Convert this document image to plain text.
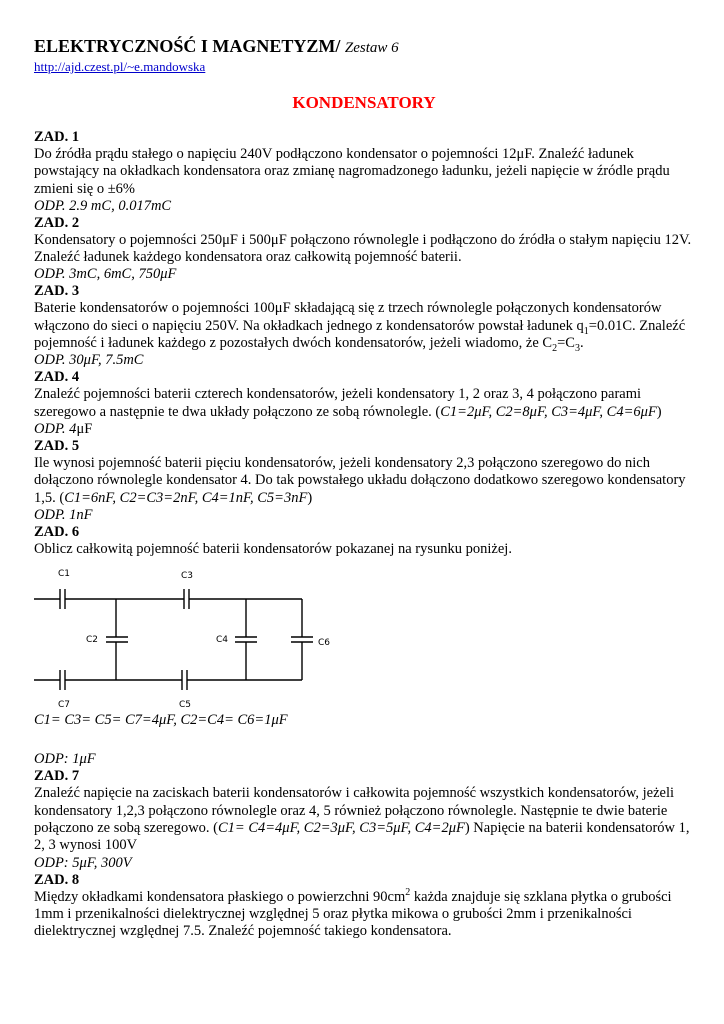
ELEKTRYCZNOŚĆ I MAGNETYZM/ Zestaw 6
http://ajd.czest.pl/~e.mandowska
KONDENSATORY
ZAD. 1
Do źródła prądu stałego o napięciu 240V podłączono kondensator o pojemności 12μF. Znaleźć ładunek powstający na okładkach kondensatora oraz zmianę nagromadzonego ładunku, jeżeli napięcie w źródle prądu zmieni się o ±6%
ODP. 2.9 mC, 0.017mC
ZAD. 2
Kondensatory o pojemności 250μF i 500μF połączono równolegle i podłączono do źródła o stałym napięciu 12V. Znaleźć ładunek każdego kondensatora oraz całkowitą pojemność baterii.
ODP. 3mC, 6mC, 750μF
ZAD. 3
Baterie kondensatorów o pojemności 100μF składającą się z trzech równolegle połączonych kondensatorów włączono do sieci o napięciu 250V. Na okładkach jednego z kondensatorów powstał ładunek $q_1=0.01C$. Znaleźć pojemność i ładunek każdego z pozostałych dwóch kondensatorów, jeżeli wiadomo, że $C_2=C_3$.
ODP. 30μF, 7.5mC
ZAD. 4
Znaleźć pojemności baterii czterech kondensatorów, jeżeli kondensatory 1, 2 oraz 3, 4 połączono parami szeregowo a następnie te dwa układy połączono ze sobą równolegle. (C1=2μF, C2=8μF, C3=4μF, C4=6μF)
ODP. 4μF
ZAD. 5
Ile wynosi pojemność baterii pięciu kondensatorów, jeżeli kondensatory 2,3 połączono szeregowo do nich dołączono równolegle kondensator 4. Do tak powstałego układu dołączono dodatkowo szeregowo kondensatory 1,5. (C1=6nF, C2=C3=2nF, C4=1nF, C5=3nF)
ODP. 1nF
ZAD. 6
Oblicz całkowitą pojemność baterii kondensatorów pokazanej na rysunku poniżej.
C1	C3
C2	C4	C6
C7	C5
C1= C3= C5= C7=4μF, C2=C4= C6=1μF
ODP: 1μF
ZAD. 7
Znaleźć napięcie na zaciskach baterii kondensatorów i całkowita pojemność wszystkich kondensatorów, jeżeli kondensatory 1,2,3 połączono równolegle oraz 4, 5 również połączono równolegle. Następnie te dwie baterie połączono ze sobą szeregowo. (C1= C4=4μF, C2=3μF, C3=5μF, C4=2μF) Napięcie na baterii kondensatorów 1, 2, 3 wynosi 100V
ODP: 5μF, 300V
ZAD. 8
Między okładkami kondensatora płaskiego o powierzchni $90cm^2$ każda znajduje się szklana płytka o grubości 1mm i przenikalności dielektrycznej względnej 5 oraz płytka mikowa o grubości 2mm i przenikalności dielektrycznej względnej 7.5. Znaleźć pojemność takiego kondensatora.
